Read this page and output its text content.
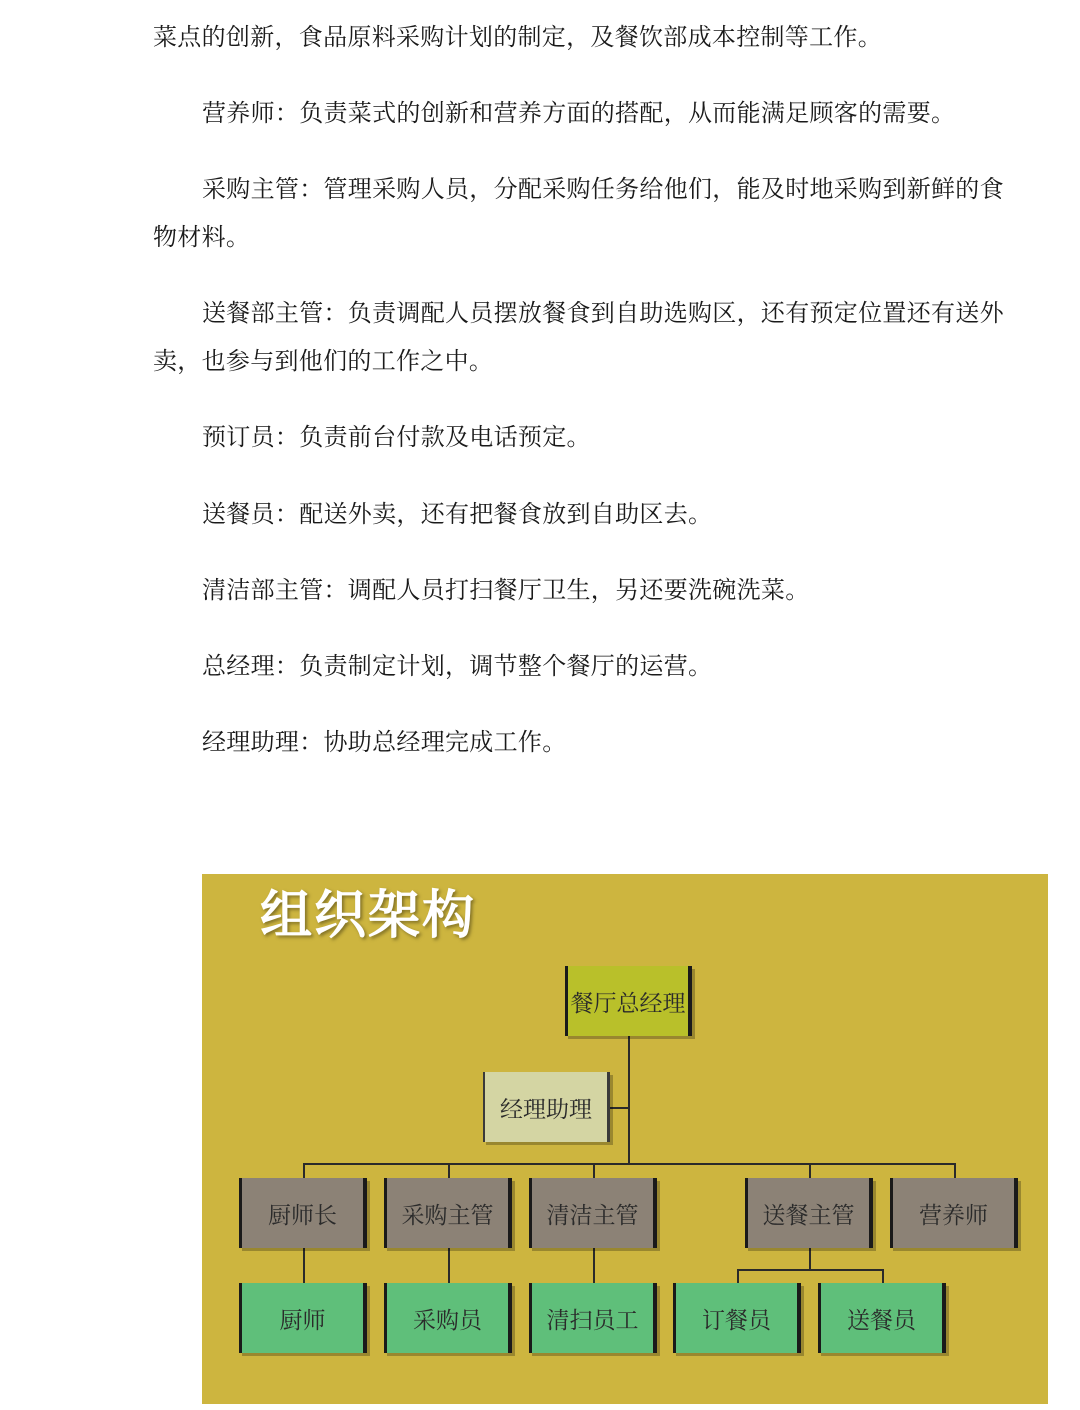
菜点的创新，食品原料采购计划的制定，及餐饮部成本控制等工作。
营养师：负责菜式的创新和营养方面的搭配，从而能满足顾客的需要。
采购主管：管理采购人员，分配采购任务给他们，能及时地采购到新鲜的食
物材料。
送餐部主管：负责调配人员摆放餐食到自助选购区，还有预定位置还有送外
卖，也参与到他们的工作之中。
预订员：负责前台付款及电话预定。
送餐员：配送外卖，还有把餐食放到自助区去。
清洁部主管：调配人员打扫餐厅卫生，另还要洗碗洗菜。
总经理：负责制定计划，调节整个餐厅的运营。
经理助理：协助总经理完成工作。
组织架构
餐厅总经理
经理助理
厨师长	采购主管	清洁主管	送餐主管	营养师
厨师	采购员	清扫员工	订餐员	送餐员
